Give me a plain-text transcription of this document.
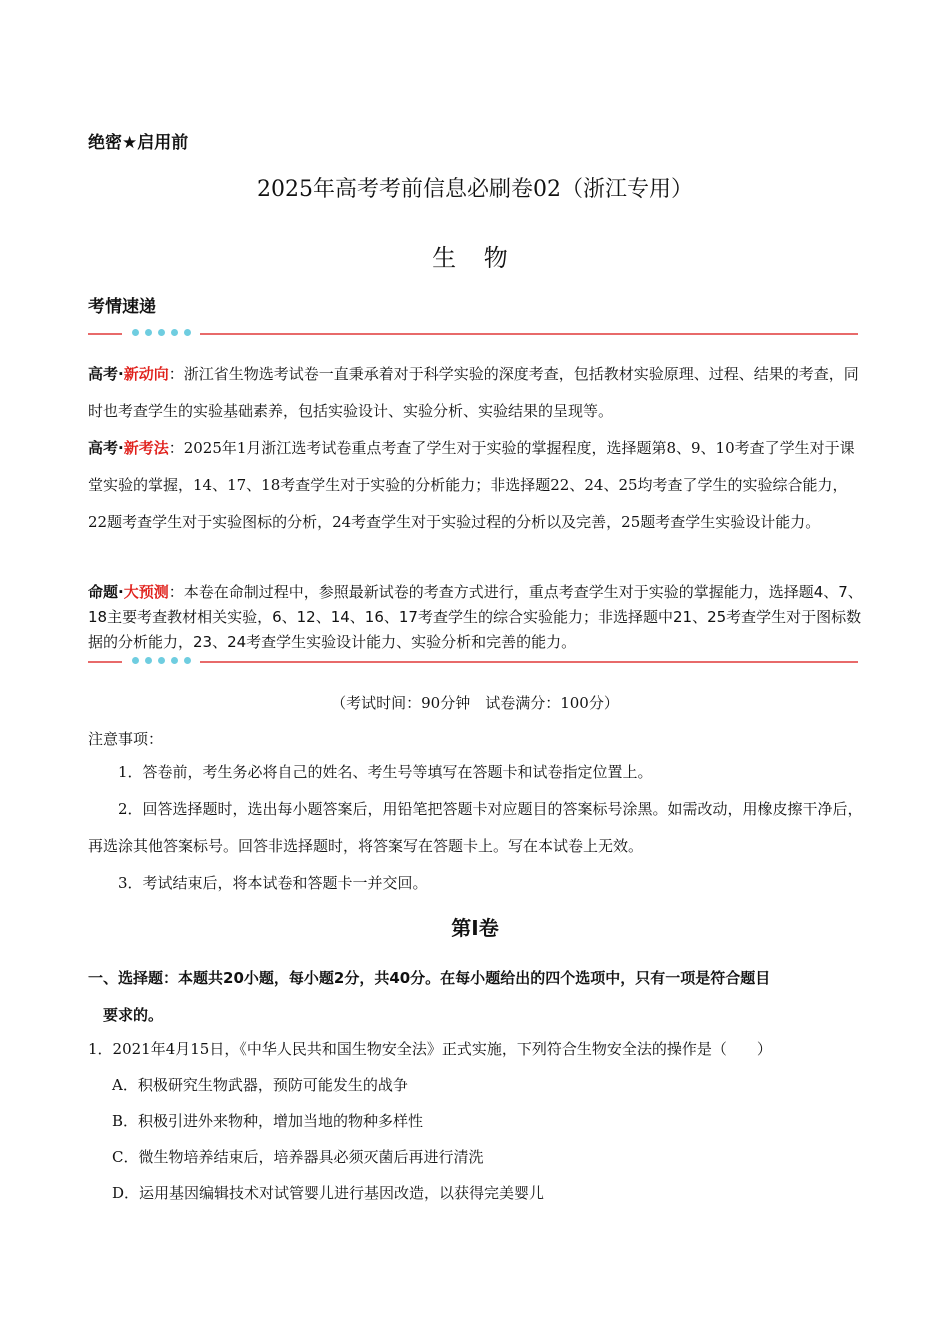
绝密★启用前
2025年高考考前信息必刷卷02（浙江专用）
生 物
考情速递
高考·新动向：浙江省生物选考试卷一直秉承着对于科学实验的深度考查，包括教材实验原理、过程、结果的考查，同时也考查学生的实验基础素养，包括实验设计、实验分析、实验结果的呈现等。
高考·新考法：2025年1月浙江选考试卷重点考查了学生对于实验的掌握程度，选择题第8、9、10考查了学生对于课堂实验的掌握，14、17、18考查学生对于实验的分析能力；非选择题22、24、25均考查了学生的实验综合能力，22题考查学生对于实验图标的分析，24考查学生对于实验过程的分析以及完善，25题考查学生实验设计能力。
命题·大预测：本卷在命制过程中，参照最新试卷的考查方式进行，重点考查学生对于实验的掌握能力，选择题4、7、18主要考查教材相关实验，6、12、14、16、17考查学生的综合实验能力；非选择题中21、25考查学生对于图标数据的分析能力，23、24考查学生实验设计能力、实验分析和完善的能力。
（考试时间：90分钟　试卷满分：100分）
注意事项：
1．答卷前，考生务必将自己的姓名、考生号等填写在答题卡和试卷指定位置上。
2．回答选择题时，选出每小题答案后，用铅笔把答题卡对应题目的答案标号涂黑。如需改动，用橡皮擦干净后，再选涂其他答案标号。回答非选择题时，将答案写在答题卡上。写在本试卷上无效。
3．考试结束后，将本试卷和答题卡一并交回。
第Ⅰ卷
一、选择题：本题共20小题，每小题2分，共40分。在每小题给出的四个选项中，只有一项是符合题目
要求的。
1．2021年4月15日，《中华人民共和国生物安全法》正式实施，下列符合生物安全法的操作是（　　）
A．积极研究生物武器，预防可能发生的战争
B．积极引进外来物种，增加当地的物种多样性
C．微生物培养结束后，培养器具必须灭菌后再进行清洗
D．运用基因编辑技术对试管婴儿进行基因改造，以获得完美婴儿
